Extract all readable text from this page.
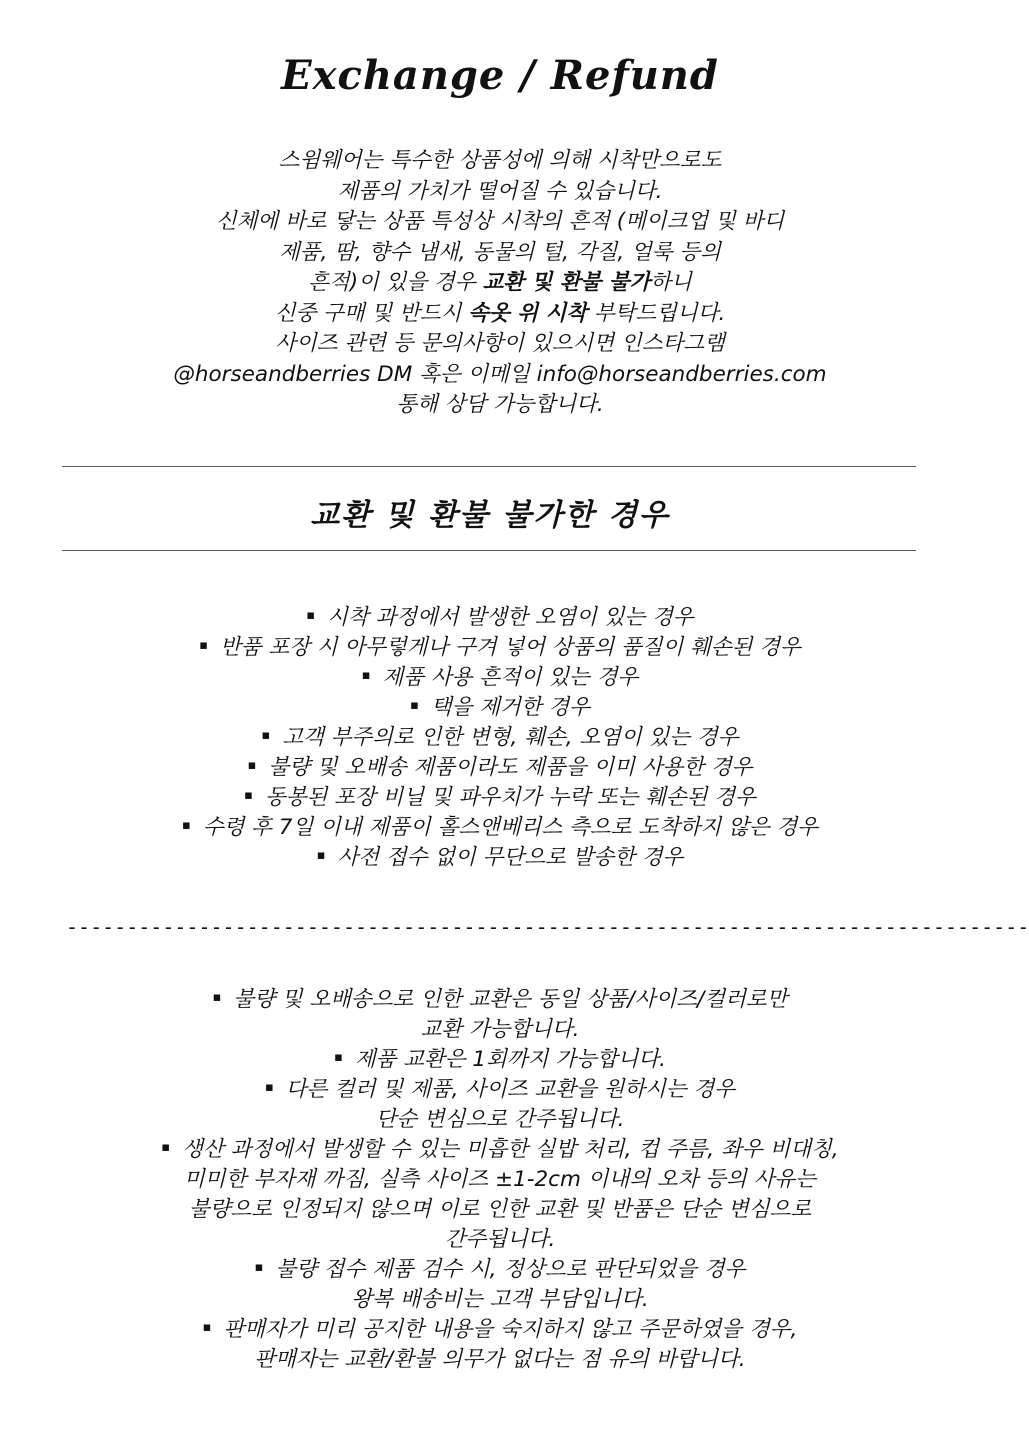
Exchange / Refund
스윔웨어는 특수한 상품성에 의해 시착만으로도
제품의 가치가 떨어질 수 있습니다.
신체에 바로 닿는 상품 특성상 시착의 흔적 (메이크업 및 바디
제품, 땀, 향수 냄새, 동물의 털, 각질, 얼룩 등의
흔적)이 있을 경우 교환 및 환불 불가하니
신중 구매 및 반드시 속옷 위 시착 부탁드립니다.
사이즈 관련 등 문의사항이 있으시면 인스타그램
@horseandberries DM 혹은 이메일 info@horseandberries.com
통해 상담 가능합니다.
교환 및 환불 불가한 경우
▪ 시착 과정에서 발생한 오염이 있는 경우
▪ 반품 포장 시 아무렇게나 구겨 넣어 상품의 품질이 훼손된 경우
▪ 제품 사용 흔적이 있는 경우
▪ 택을 제거한 경우
▪ 고객 부주의로 인한 변형, 훼손, 오염이 있는 경우
▪ 불량 및 오배송 제품이라도 제품을 이미 사용한 경우
▪ 동봉된 포장 비닐 및 파우치가 누락 또는 훼손된 경우
▪ 수령 후 7일 이내 제품이 홀스앤베리스 측으로 도착하지 않은 경우
▪ 사전 접수 없이 무단으로 발송한 경우
--------------------------------------------------------------------------------
▪ 불량 및 오배송으로 인한 교환은 동일 상품/사이즈/컬러로만
교환 가능합니다.
▪ 제품 교환은 1회까지 가능합니다.
▪ 다른 컬러 및 제품, 사이즈 교환을 원하시는 경우
단순 변심으로 간주됩니다.
▪ 생산 과정에서 발생할 수 있는 미흡한 실밥 처리, 컵 주름, 좌우 비대칭,
미미한 부자재 까짐, 실측 사이즈 ±1-2cm 이내의 오차 등의 사유는
불량으로 인정되지 않으며 이로 인한 교환 및 반품은 단순 변심으로
간주됩니다.
▪ 불량 접수 제품 검수 시, 정상으로 판단되었을 경우
왕복 배송비는 고객 부담입니다.
▪ 판매자가 미리 공지한 내용을 숙지하지 않고 주문하였을 경우,
판매자는 교환/환불 의무가 없다는 점 유의 바랍니다.
